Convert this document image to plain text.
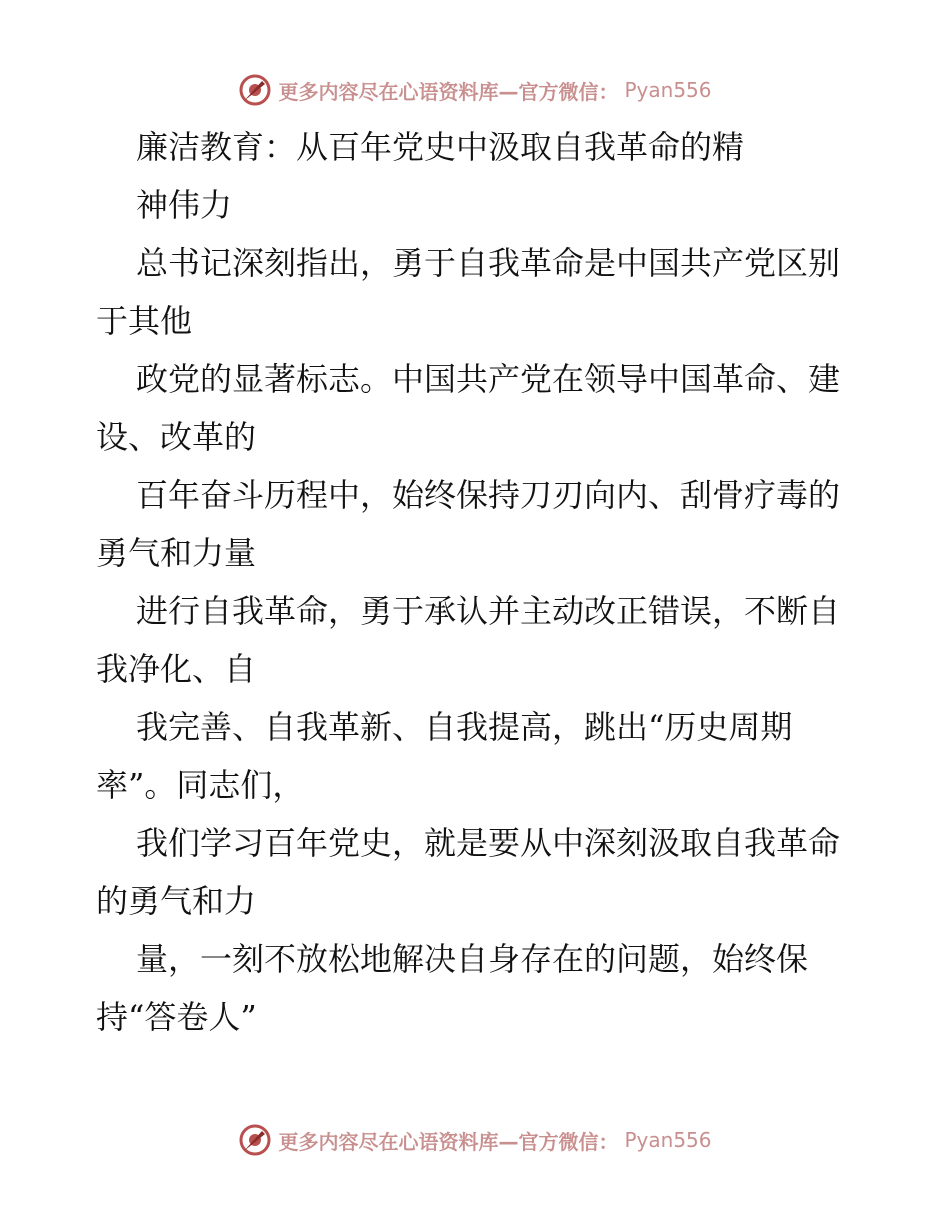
更多内容尽在心语资料库—官方微信： Pyan556

廉洁教育：从百年党史中汲取自我革命的精

神伟力

总书记深刻指出，勇于自我革命是中国共产党区别于其他

政党的显著标志。中国共产党在领导中国革命、建设、改革的

百年奋斗历程中，始终保持刀刃向内、刮骨疗毒的勇气和力量

进行自我革命，勇于承认并主动改正错误，不断自我净化、自

我完善、自我革新、自我提高，跳出“历史周期率”。同志们，

我们学习百年党史，就是要从中深刻汲取自我革命的勇气和力

量，一刻不放松地解决自身存在的问题，始终保持“答卷人”

更多内容尽在心语资料库—官方微信： Pyan556
